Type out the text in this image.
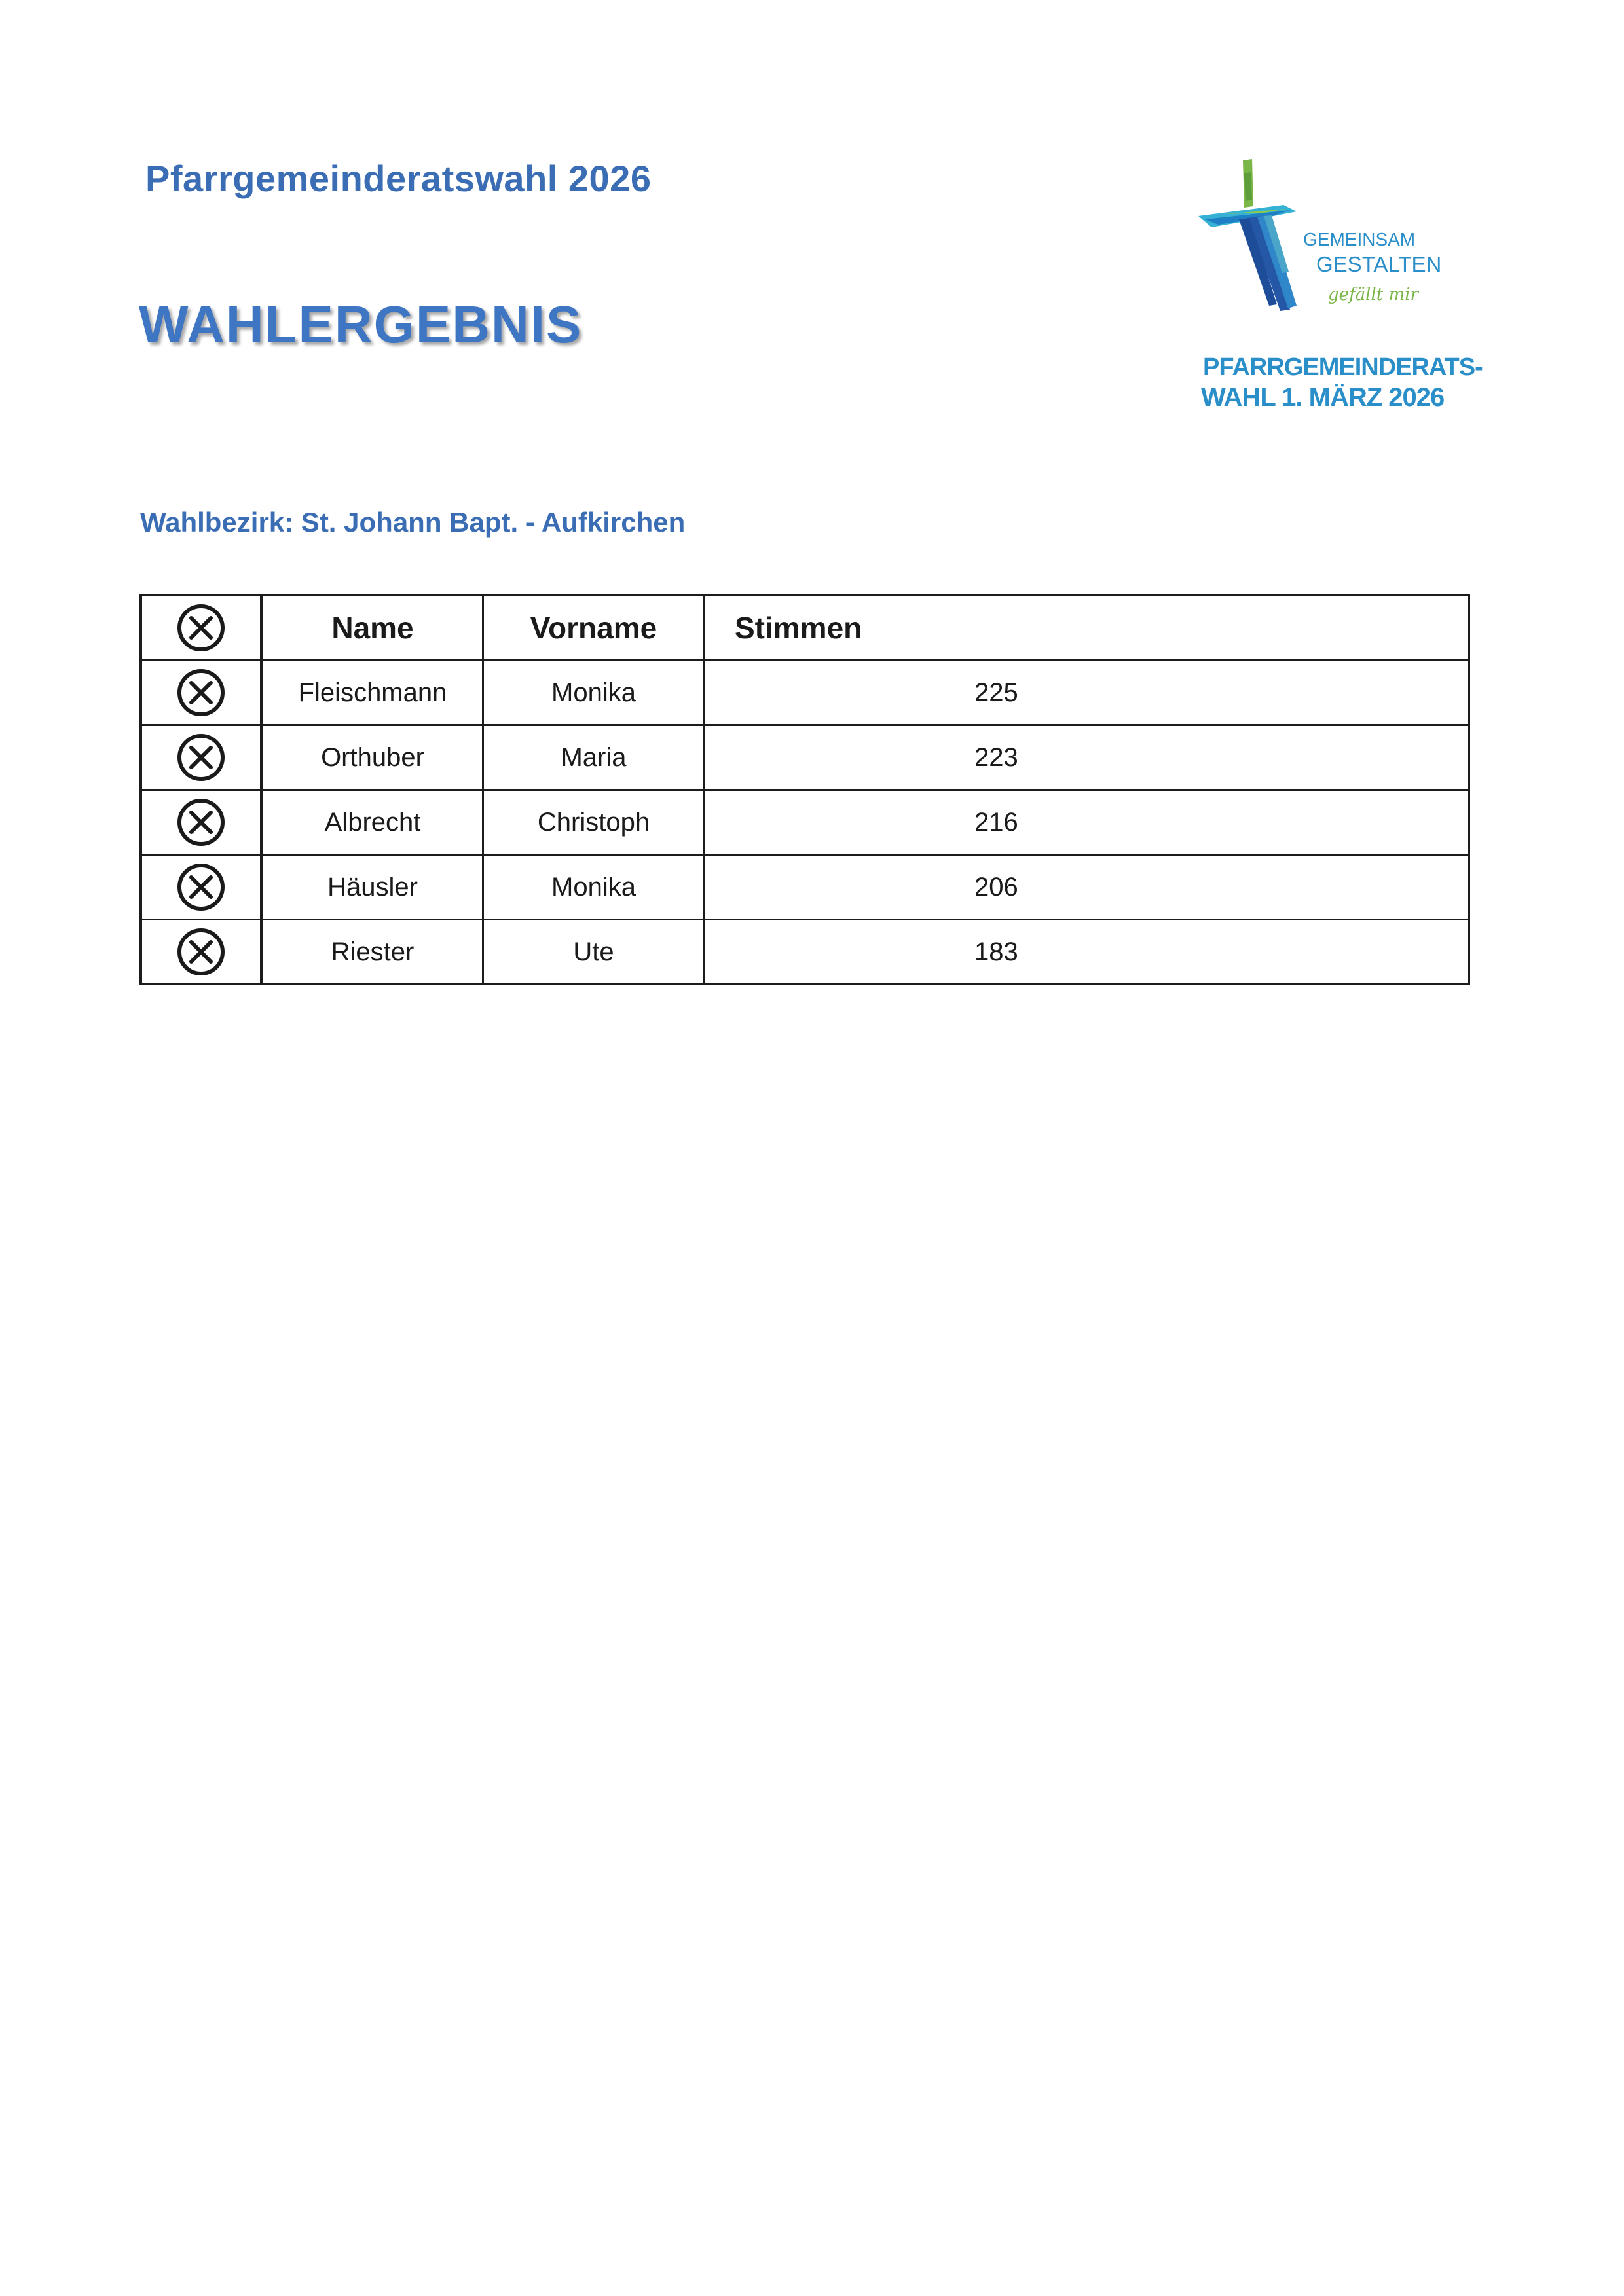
Pfarrgemeinderatswahl 2026
WAHLERGEBNIS
Wahlbezirk: St. Johann Bapt. - Aufkirchen
GEMEINSAM
GESTALTEN
gefällt mir
PFARRGEMEINDERATS-
WAHL 1. MÄRZ 2026
	Name	Vorname	Stimmen
	Fleischmann	Monika	225
	Orthuber	Maria	223
	Albrecht	Christoph	216
	Häusler	Monika	206
	Riester	Ute	183
